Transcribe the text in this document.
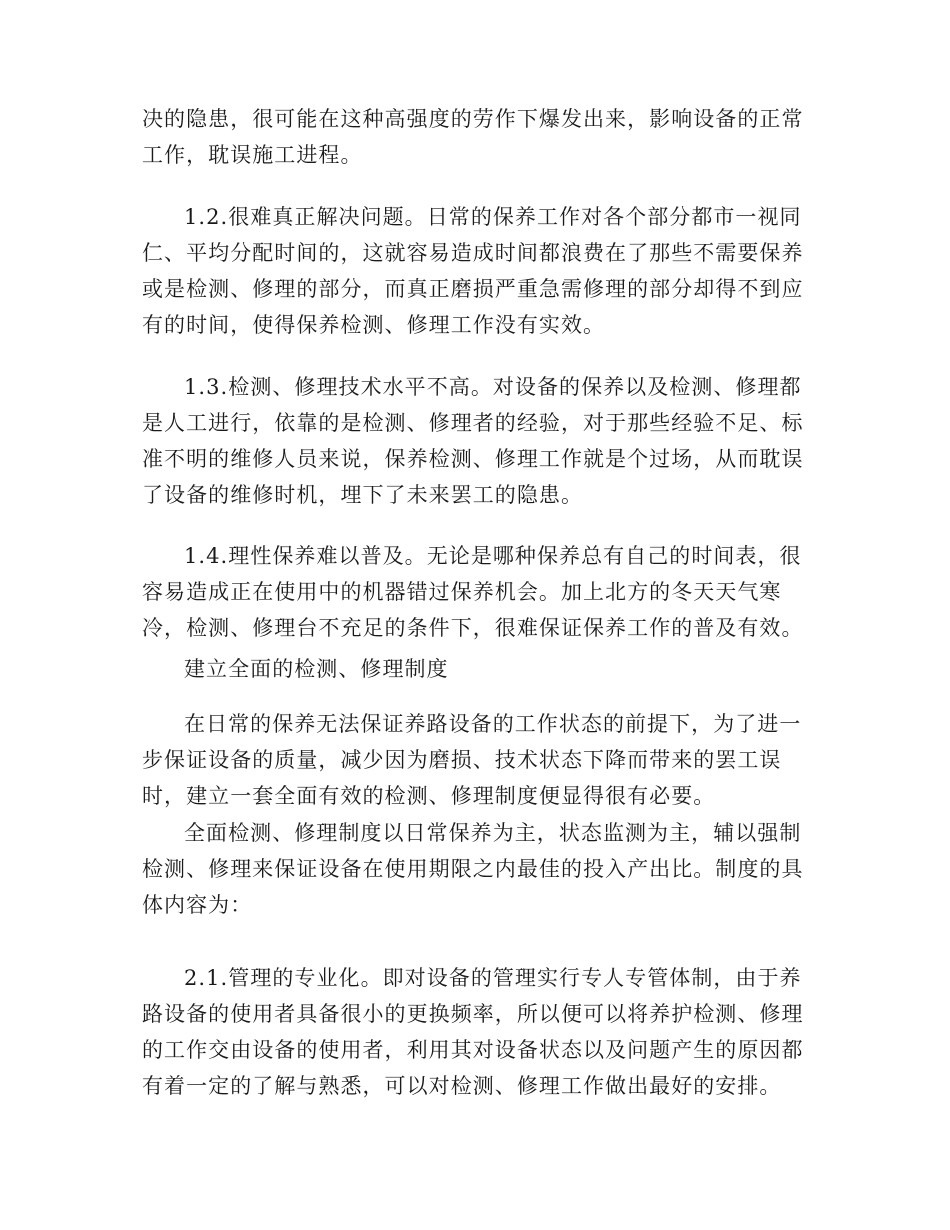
决的隐患，很可能在这种高强度的劳作下爆发出来，影响设备的正常工作，耽误施工进程。

1.2.很难真正解决问题。日常的保养工作对各个部分都市一视同仁、平均分配时间的，这就容易造成时间都浪费在了那些不需要保养或是检测、修理的部分，而真正磨损严重急需修理的部分却得不到应有的时间，使得保养检测、修理工作没有实效。

1.3.检测、修理技术水平不高。对设备的保养以及检测、修理都是人工进行，依靠的是检测、修理者的经验，对于那些经验不足、标准不明的维修人员来说，保养检测、修理工作就是个过场，从而耽误了设备的维修时机，埋下了未来罢工的隐患。

1.4.理性保养难以普及。无论是哪种保养总有自己的时间表，很容易造成正在使用中的机器错过保养机会。加上北方的冬天天气寒冷，检测、修理台不充足的条件下，很难保证保养工作的普及有效。

建立全面的检测、修理制度

在日常的保养无法保证养路设备的工作状态的前提下，为了进一步保证设备的质量，减少因为磨损、技术状态下降而带来的罢工误时，建立一套全面有效的检测、修理制度便显得很有必要。

全面检测、修理制度以日常保养为主，状态监测为主，辅以强制检测、修理来保证设备在使用期限之内最佳的投入产出比。制度的具体内容为：

2.1.管理的专业化。即对设备的管理实行专人专管体制，由于养路设备的使用者具备很小的更换频率，所以便可以将养护检测、修理的工作交由设备的使用者，利用其对设备状态以及问题产生的原因都有着一定的了解与熟悉，可以对检测、修理工作做出最好的安排。
